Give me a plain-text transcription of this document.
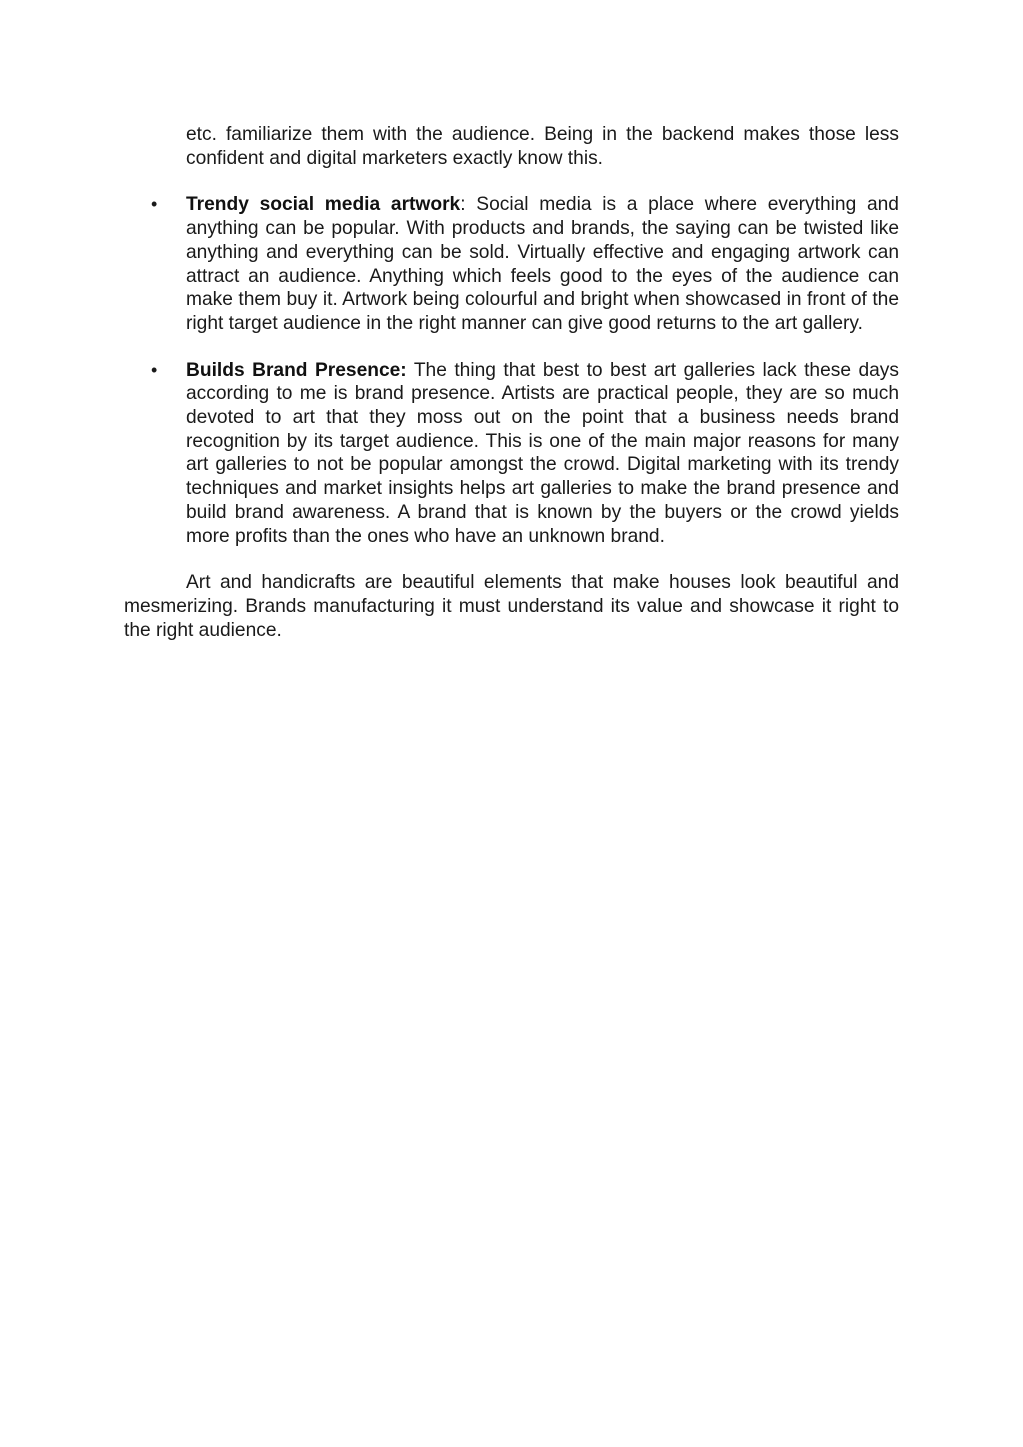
etc. familiarize them with the audience. Being in the backend makes those less confident and digital marketers exactly know this.

•	Trendy social media artwork: Social media is a place where everything and anything can be popular. With products and brands, the saying can be twisted like anything and everything can be sold. Virtually effective and engaging artwork can attract an audience. Anything which feels good to the eyes of the audience can make them buy it. Artwork being colourful and bright when showcased in front of the right target audience in the right manner can give good returns to the art gallery.
•	Builds Brand Presence: The thing that best to best art galleries lack these days according to me is brand presence. Artists are practical people, they are so much devoted to art that they moss out on the point that a business needs brand recognition by its target audience. This is one of the main major reasons for many art galleries to not be popular amongst the crowd. Digital marketing with its trendy techniques and market insights helps art galleries to make the brand presence and build brand awareness. A brand that is known by the buyers or the crowd yields more profits than the ones who have an unknown brand.

Art and handicrafts are beautiful elements that make houses look beautiful and mesmerizing. Brands manufacturing it must understand its value and showcase it right to the right audience.
